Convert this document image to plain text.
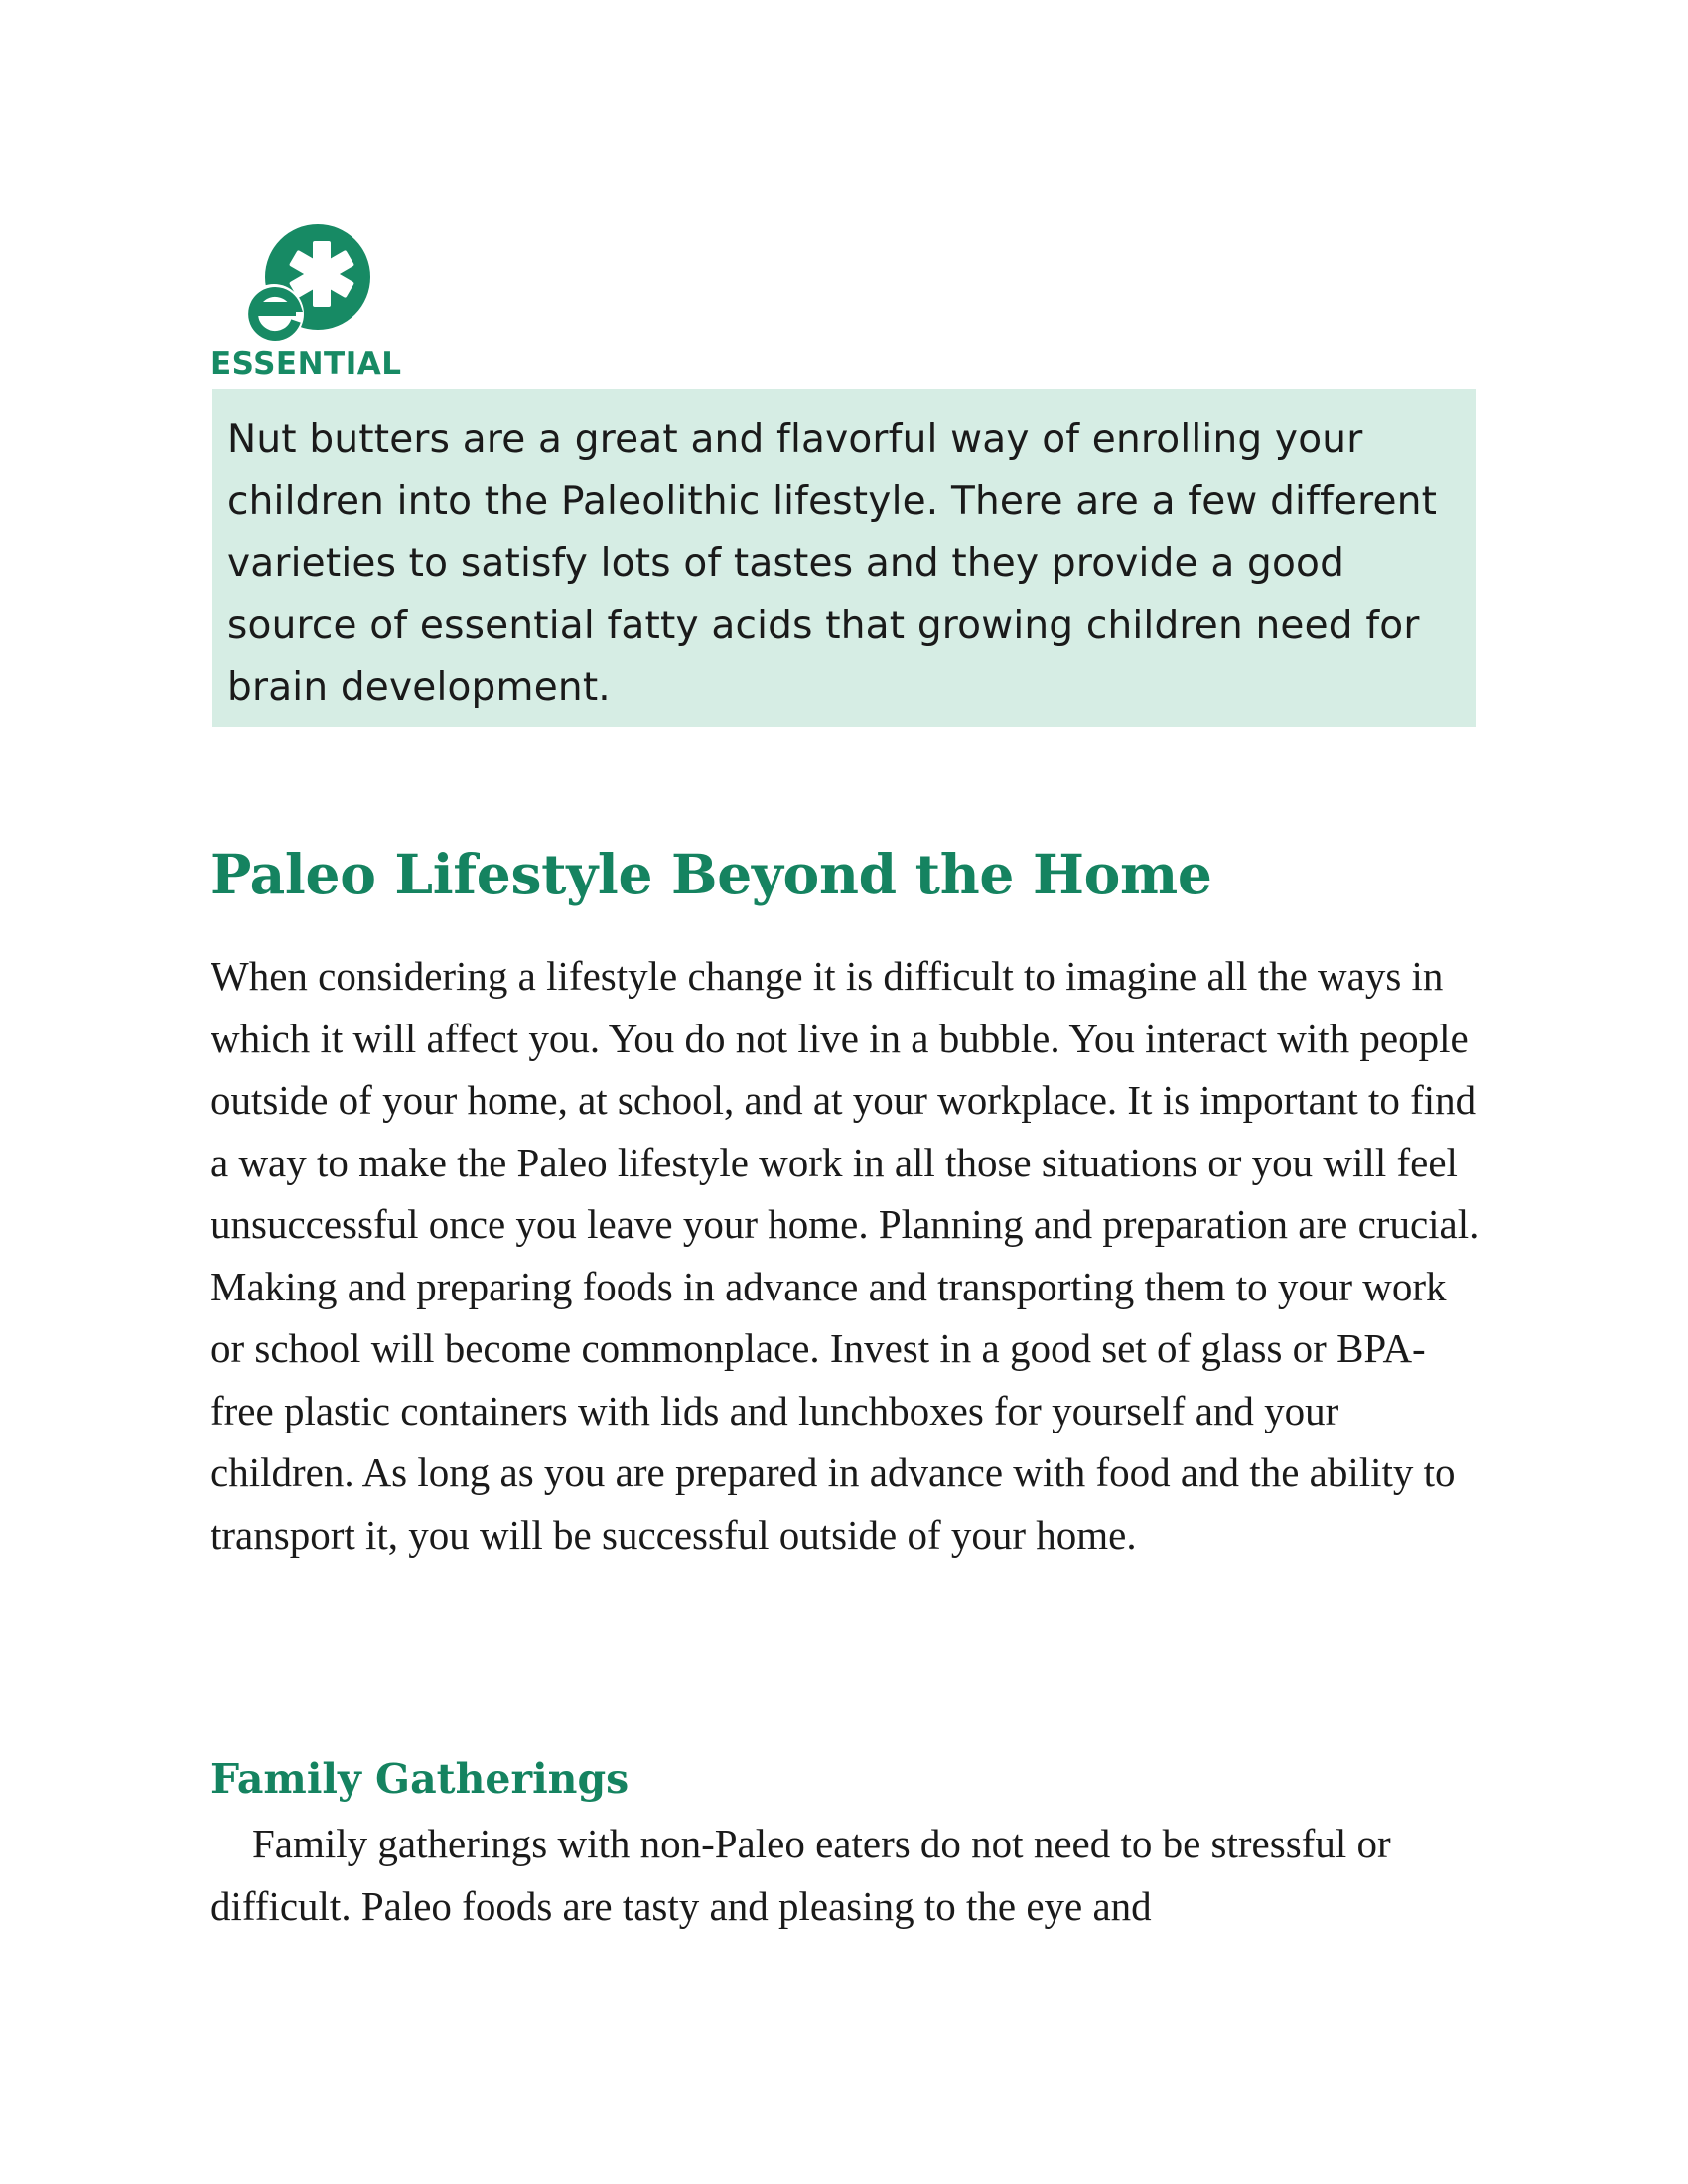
ESSENTIAL

Nut butters are a great and flavorful way of enrolling your children into the Paleolithic lifestyle. There are a few different varieties to satisfy lots of tastes and they provide a good source of essential fatty acids that growing children need for brain development.

Paleo Lifestyle Beyond the Home

When considering a lifestyle change it is difficult to imagine all the ways in which it will affect you. You do not live in a bubble. You interact with people outside of your home, at school, and at your workplace. It is important to find a way to make the Paleo lifestyle work in all those situations or you will feel unsuccessful once you leave your home. Planning and preparation are crucial. Making and preparing foods in advance and transporting them to your work or school will become commonplace. Invest in a good set of glass or BPA-free plastic containers with lids and lunchboxes for yourself and your children. As long as you are prepared in advance with food and the ability to transport it, you will be successful outside of your home.

Family Gatherings

Family gatherings with non-Paleo eaters do not need to be stressful or difficult. Paleo foods are tasty and pleasing to the eye and
